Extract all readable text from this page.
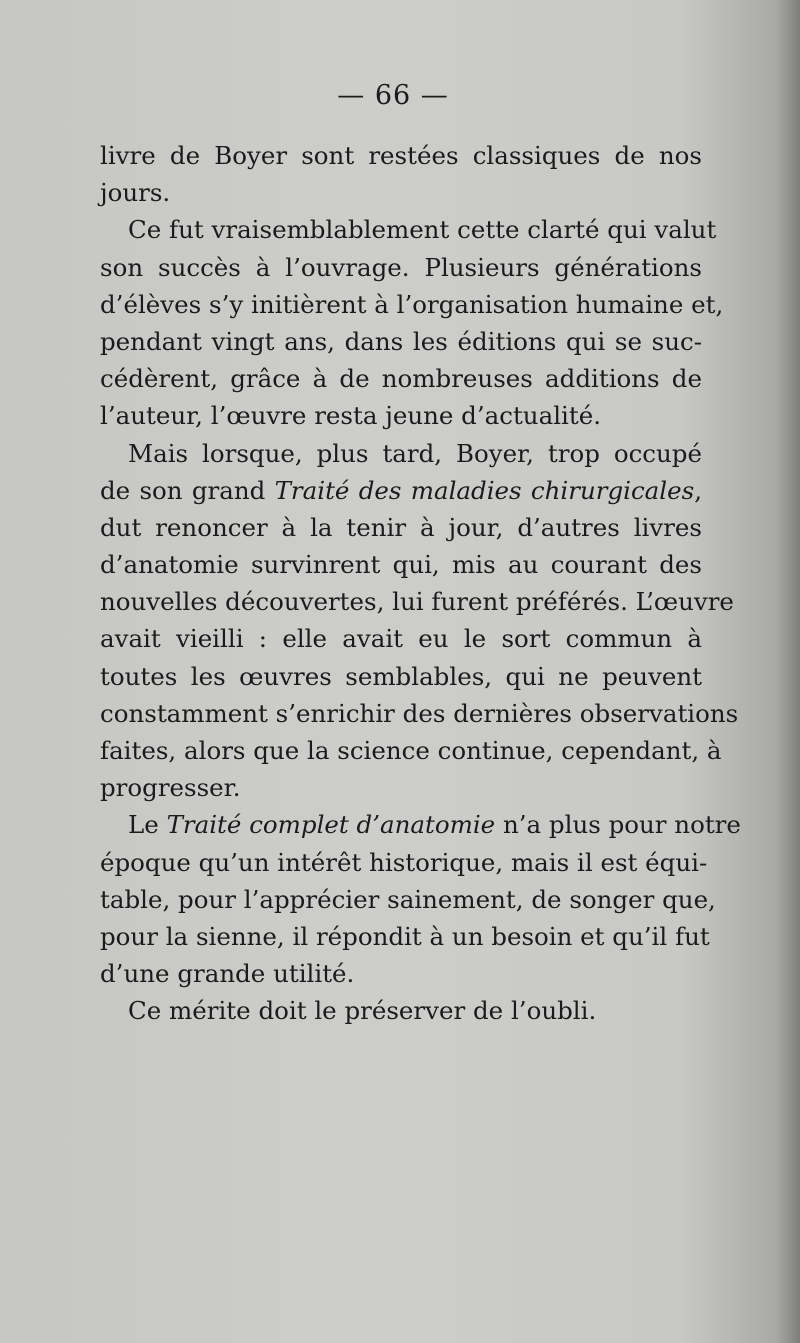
— 66 —
livre de Boyer sont restées classiques de nos
jours.
Ce fut vraisemblablement cette clarté qui valut
son succès à l’ouvrage. Plusieurs générations
d’élèves s’y initièrent à l’organisation humaine et,
pendant vingt ans, dans les éditions qui se suc-
cédèrent, grâce à de nombreuses additions de
l’auteur, l’œuvre resta jeune d’actualité.
Mais lorsque, plus tard, Boyer, trop occupé
de son grand Traité des maladies chirurgicales,
dut renoncer à la tenir à jour, d’autres livres
d’anatomie survinrent qui, mis au courant des
nouvelles découvertes, lui furent préférés. L’œuvre
avait vieilli : elle avait eu le sort commun à
toutes les œuvres semblables, qui ne peuvent
constamment s’enrichir des dernières observations
faites, alors que la science continue, cependant, à
progresser.
Le Traité complet d’anatomie n’a plus pour notre
époque qu’un intérêt historique, mais il est équi-
table, pour l’apprécier sainement, de songer que,
pour la sienne, il répondit à un besoin et qu’il fut
d’une grande utilité.
Ce mérite doit le préserver de l’oubli.
